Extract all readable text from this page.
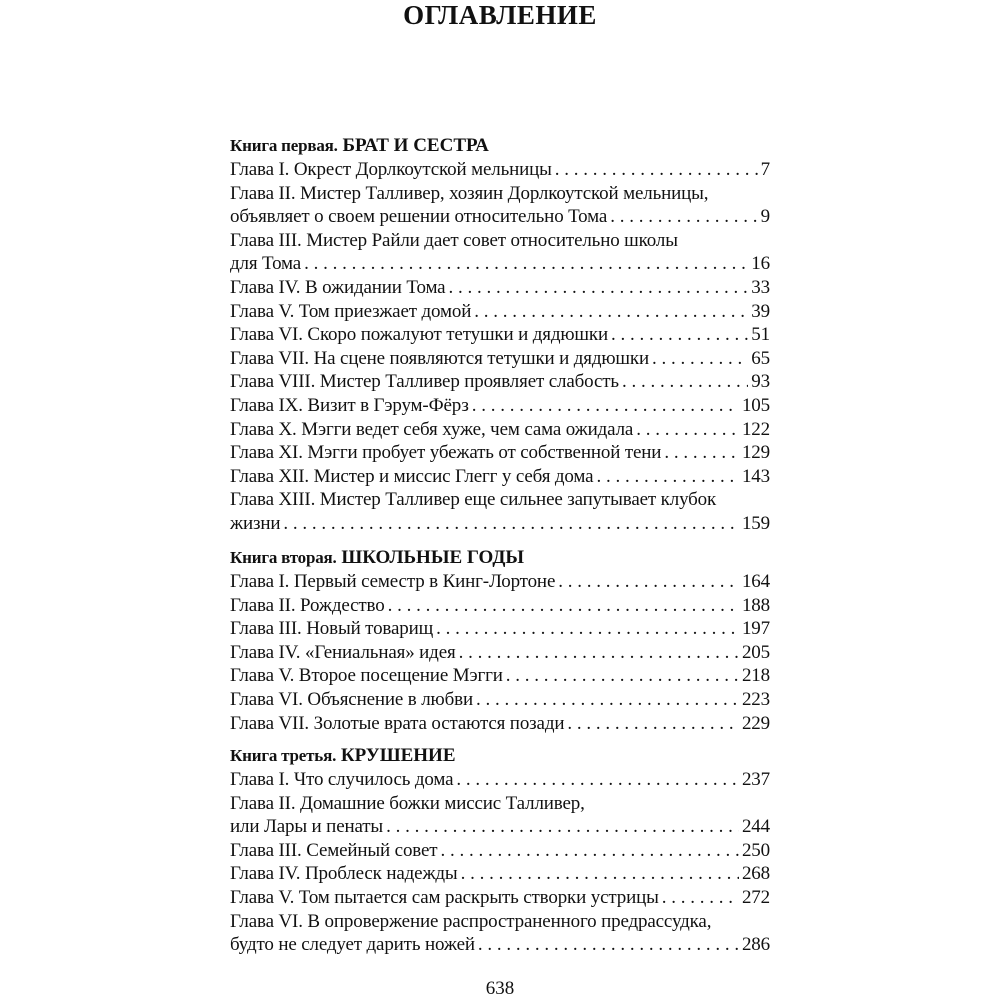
ОГЛАВЛЕНИЕ
Книга первая. БРАТ И СЕСТРА
Глава I. Окрест Дорлкоутской мельницы . . .	7
Глава II. Мистер Талливер, хозяин Дорлкоутской мельницы,
объявляет о своем решении относительно Тома . . .	9
Глава III. Мистер Райли дает совет относительно школы
для Тома . . .	16
Глава IV. В ожидании Тома . . .	33
Глава V. Том приезжает домой . . .	39
Глава VI. Скоро пожалуют тетушки и дядюшки . . .	51
Глава VII. На сцене появляются тетушки и дядюшки . . .	65
Глава VIII. Мистер Талливер проявляет слабость . . .	93
Глава IX. Визит в Гэрум-Фёрз . . .	105
Глава X. Мэгги ведет себя хуже, чем сама ожидала . . .	122
Глава XI. Мэгги пробует убежать от собственной тени . . .	129
Глава XII. Мистер и миссис Глегг у себя дома . . .	143
Глава XIII. Мистер Талливер еще сильнее запутывает клубок
жизни . . .	159
Книга вторая. ШКОЛЬНЫЕ ГОДЫ
Глава I. Первый семестр в Кинг-Лортоне . . .	164
Глава II. Рождество . . .	188
Глава III. Новый товарищ . . .	197
Глава IV. «Гениальная» идея . . .	205
Глава V. Второе посещение Мэгги . . .	218
Глава VI. Объяснение в любви . . .	223
Глава VII. Золотые врата остаются позади . . .	229
Книга третья. КРУШЕНИЕ
Глава I. Что случилось дома . . .	237
Глава II. Домашние божки миссис Талливер,
или Лары и пенаты . . .	244
Глава III. Семейный совет . . .	250
Глава IV. Проблеск надежды . . .	268
Глава V. Том пытается сам раскрыть створки устрицы . . .	272
Глава VI. В опровержение распространенного предрассудка,
будто не следует дарить ножей . . .	286
638
